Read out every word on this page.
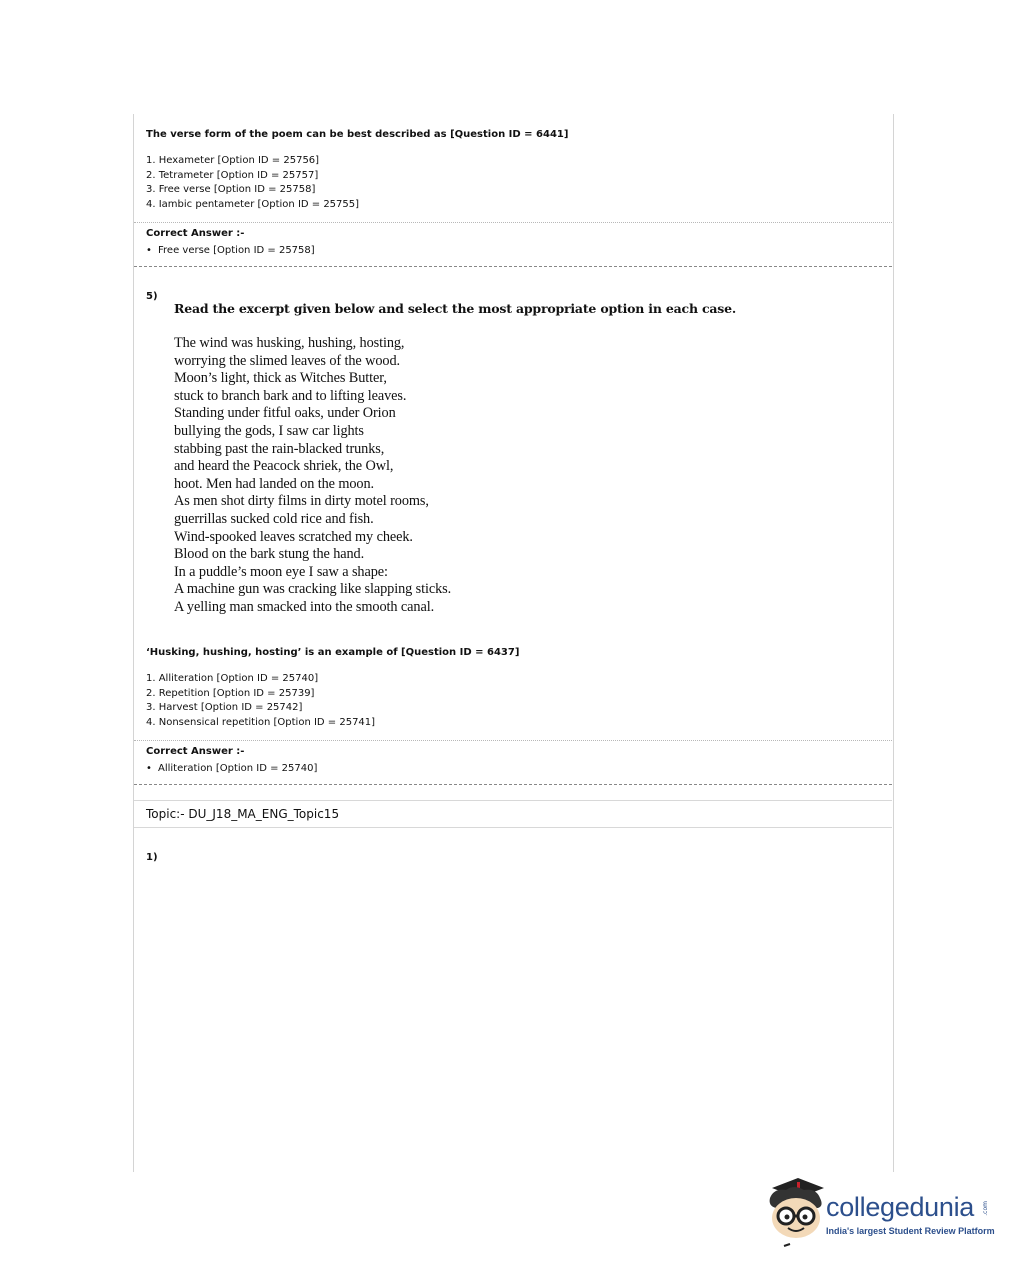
The verse form of the poem can be best described as [Question ID = 6441]
1. Hexameter [Option ID = 25756]
2. Tetrameter [Option ID = 25757]
3. Free verse [Option ID = 25758]
4. Iambic pentameter [Option ID = 25755]
Correct Answer :-
• Free verse [Option ID = 25758]
5)
Read the excerpt given below and select the most appropriate option in each case.
The wind was husking, hushing, hosting,
worrying the slimed leaves of the wood.
Moon’s light, thick as Witches Butter,
stuck to branch bark and to lifting leaves.
Standing under fitful oaks, under Orion
bullying the gods, I saw car lights
stabbing past the rain-blacked trunks,
and heard the Peacock shriek, the Owl,
hoot. Men had landed on the moon.
As men shot dirty films in dirty motel rooms,
guerrillas sucked cold rice and fish.
Wind-spooked leaves scratched my cheek.
Blood on the bark stung the hand.
In a puddle’s moon eye I saw a shape:
A machine gun was cracking like slapping sticks.
A yelling man smacked into the smooth canal.
‘Husking, hushing, hosting’ is an example of [Question ID = 6437]
1. Alliteration [Option ID = 25740]
2. Repetition [Option ID = 25739]
3. Harvest [Option ID = 25742]
4. Nonsensical repetition [Option ID = 25741]
Correct Answer :-
• Alliteration [Option ID = 25740]
Topic:- DU_J18_MA_ENG_Topic15
1)
collegedunia .com
India's largest Student Review Platform
